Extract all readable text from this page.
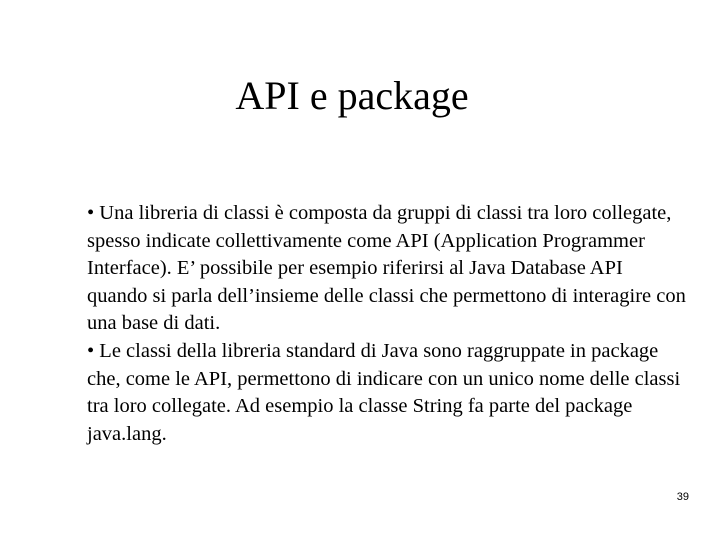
API e package

• Una libreria di classi è composta da gruppi di classi tra loro collegate, spesso indicate collettivamente come API (Application Programmer Interface). E’ possibile per esempio riferirsi al Java Database API quando si parla dell’insieme delle classi che permettono di interagire con una base di dati.

• Le classi della libreria standard di Java sono raggruppate in package che, come le API, permettono di indicare con un unico nome delle classi tra loro collegate. Ad esempio la classe String fa parte del package java.lang.

39
